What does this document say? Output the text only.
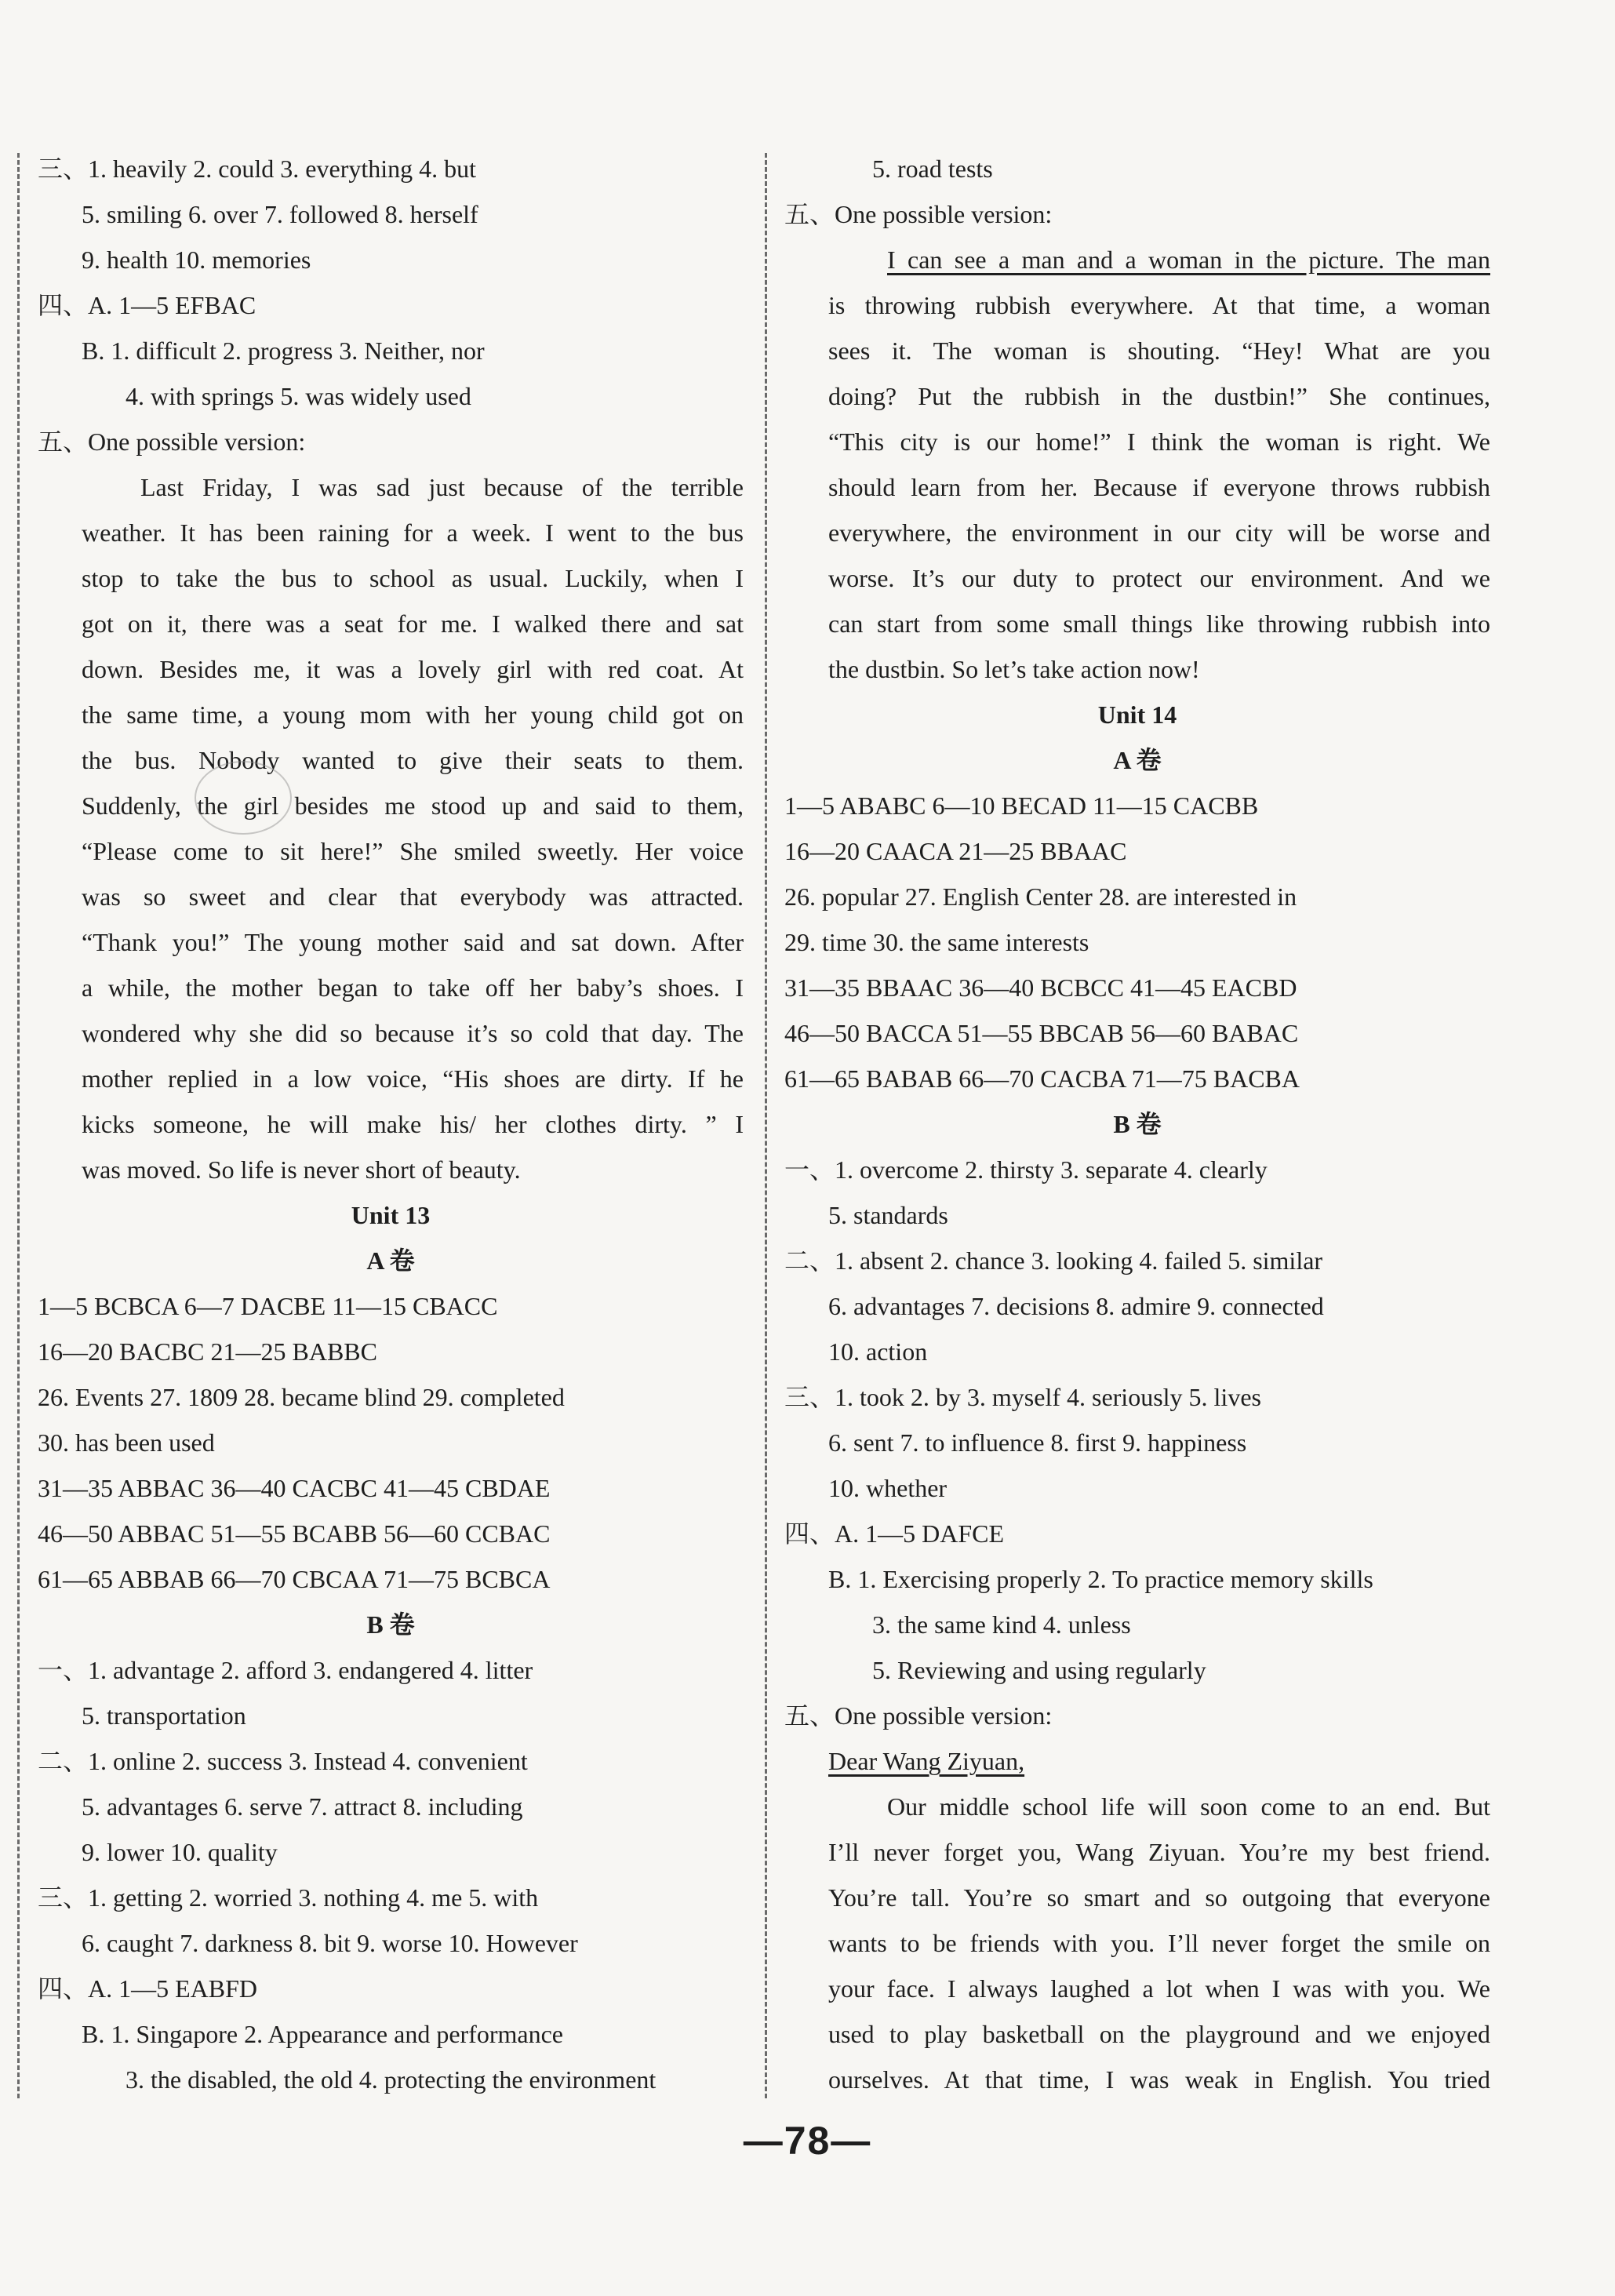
三、1. heavily 2. could 3. everything 4. but
5. smiling 6. over 7. followed 8. herself
9. health 10. memories
四、A. 1—5 EFBAC
B. 1. difficult 2. progress 3. Neither, nor
4. with springs 5. was widely used
五、One possible version:
Last Friday, I was sad just because of the terrible
weather. It has been raining for a week. I went to the bus
stop to take the bus to school as usual. Luckily, when I
got on it, there was a seat for me. I walked there and sat
down. Besides me, it was a lovely girl with red coat. At
the same time, a young mom with her young child got on
the bus. Nobody wanted to give their seats to them.
Suddenly, the girl besides me stood up and said to them,
“Please come to sit here!” She smiled sweetly. Her voice
was so sweet and clear that everybody was attracted.
“Thank you!” The young mother said and sat down. After
a while, the mother began to take off her baby’s shoes. I
wondered why she did so because it’s so cold that day. The
mother replied in a low voice, “His shoes are dirty. If he
kicks someone, he will make his/ her clothes dirty. ” I
was moved. So life is never short of beauty.
Unit 13
A 卷
1—5 BCBCA 6—7 DACBE 11—15 CBACC
16—20 BACBC 21—25 BABBC
26. Events 27. 1809 28. became blind 29. completed
30. has been used
31—35 ABBAC 36—40 CACBC 41—45 CBDAE
46—50 ABBAC 51—55 BCABB 56—60 CCBAC
61—65 ABBAB 66—70 CBCAA 71—75 BCBCA
B 卷
一、1. advantage 2. afford 3. endangered 4. litter
5. transportation
二、1. online 2. success 3. Instead 4. convenient
5. advantages 6. serve 7. attract 8. including
9. lower 10. quality
三、1. getting 2. worried 3. nothing 4. me 5. with
6. caught 7. darkness 8. bit 9. worse 10. However
四、A. 1—5 EABFD
B. 1. Singapore 2. Appearance and performance
3. the disabled, the old 4. protecting the environment
5. road tests
五、One possible version:
I can see a man and a woman in the picture. The man
is throwing rubbish everywhere. At that time, a woman
sees it. The woman is shouting. “Hey! What are you
doing? Put the rubbish in the dustbin!” She continues,
“This city is our home!” I think the woman is right. We
should learn from her. Because if everyone throws rubbish
everywhere, the environment in our city will be worse and
worse. It’s our duty to protect our environment. And we
can start from some small things like throwing rubbish into
the dustbin. So let’s take action now!
Unit 14
A 卷
1—5 ABABC 6—10 BECAD 11—15 CACBB
16—20 CAACA 21—25 BBAAC
26. popular 27. English Center 28. are interested in
29. time 30. the same interests
31—35 BBAAC 36—40 BCBCC 41—45 EACBD
46—50 BACCA 51—55 BBCAB 56—60 BABAC
61—65 BABAB 66—70 CACBA 71—75 BACBA
B 卷
一、1. overcome 2. thirsty 3. separate 4. clearly
5. standards
二、1. absent 2. chance 3. looking 4. failed 5. similar
6. advantages 7. decisions 8. admire 9. connected
10. action
三、1. took 2. by 3. myself 4. seriously 5. lives
6. sent 7. to influence 8. first 9. happiness
10. whether
四、A. 1—5 DAFCE
B. 1. Exercising properly 2. To practice memory skills
3. the same kind 4. unless
5. Reviewing and using regularly
五、One possible version:
Dear Wang Ziyuan,
Our middle school life will soon come to an end. But
I’ll never forget you, Wang Ziyuan. You’re my best friend.
You’re tall. You’re so smart and so outgoing that everyone
wants to be friends with you. I’ll never forget the smile on
your face. I always laughed a lot when I was with you. We
used to play basketball on the playground and we enjoyed
ourselves. At that time, I was weak in English. You tried
—78—
